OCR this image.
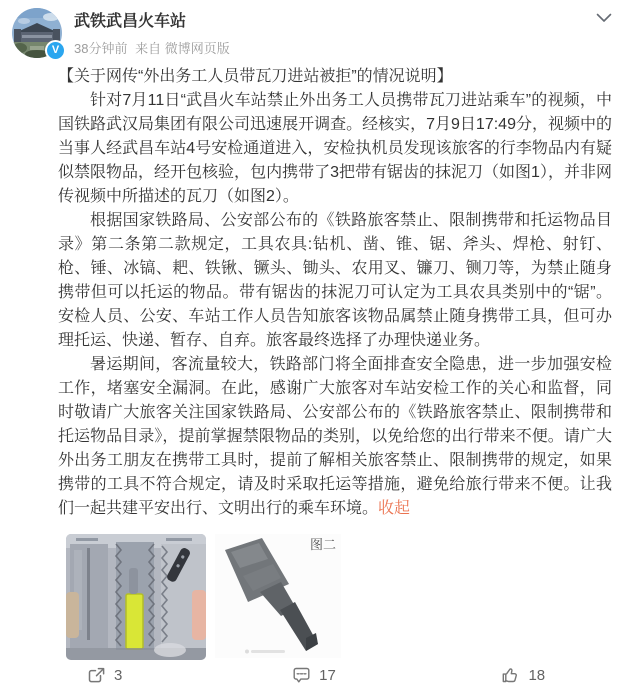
V
武铁武昌火车站
38分钟前 来自 微博网页版

【关于网传“外出务工人员带瓦刀进站被拒”的情况说明】

针对7月11日“武昌火车站禁止外出务工人员携带瓦刀进站乘车”的视频，中国铁路武汉局集团有限公司迅速展开调查。经核实，7月9日17:49分，视频中的当事人经武昌车站4号安检通道进入，安检执机员发现该旅客的行李物品内有疑似禁限物品，经开包核验，包内携带了3把带有锯齿的抹泥刀（如图1），并非网传视频中所描述的瓦刀（如图2）。

根据国家铁路局、公安部公布的《铁路旅客禁止、限制携带和托运物品目录》第二条第二款规定，工具农具:钻机、凿、锥、锯、斧头、焊枪、射钉、枪、锤、冰镐、耙、铁锹、镢头、锄头、农用叉、镰刀、铡刀等，为禁止随身携带但可以托运的物品。带有锯齿的抹泥刀可认定为工具农具类别中的“锯”。安检人员、公安、车站工作人员告知旅客该物品属禁止随身携带工具，但可办理托运、快递、暂存、自弃。旅客最终选择了办理快递业务。

暑运期间，客流量较大，铁路部门将全面排查安全隐患，进一步加强安检工作，堵塞安全漏洞。在此，感谢广大旅客对车站安检工作的关心和监督，同时敬请广大旅客关注国家铁路局、公安部公布的《铁路旅客禁止、限制携带和托运物品目录》，提前掌握禁限物品的类别，以免给您的出行带来不便。请广大外出务工朋友在携带工具时，提前了解相关旅客禁止、限制携带的规定，如果携带的工具不符合规定，请及时采取托运等措施，避免给旅行带来不便。让我们一起共建平安出行、文明出行的乘车环境。收起

图二
3	17	18
